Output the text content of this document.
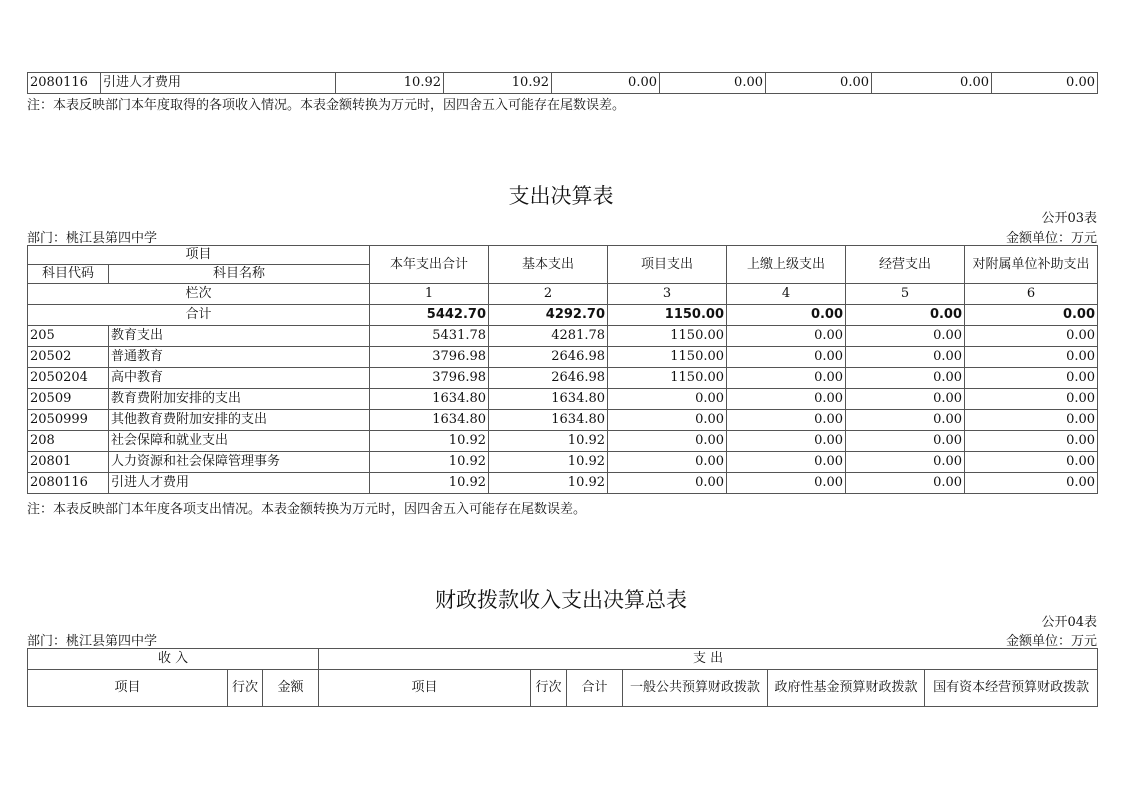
2080116	引进人才费用	10.92	10.92	0.00	0.00	0.00	0.00	0.00
注：本表反映部门本年度取得的各项收入情况。本表金额转换为万元时，因四舍五入可能存在尾数误差。
支出决算表
公开03表
部门：桃江县第四中学	金额单位：万元
项目		本年支出合计	基本支出	项目支出	上缴上级支出	经营支出	对附属单位补助支出
科目代码	科目名称						
栏次		1	2	3	4	5	6
合计		5442.70	4292.70	1150.00	0.00	0.00	0.00
205	教育支出	5431.78	4281.78	1150.00	0.00	0.00	0.00
20502	普通教育	3796.98	2646.98	1150.00	0.00	0.00	0.00
2050204	高中教育	3796.98	2646.98	1150.00	0.00	0.00	0.00
20509	教育费附加安排的支出	1634.80	1634.80	0.00	0.00	0.00	0.00
2050999	其他教育费附加安排的支出	1634.80	1634.80	0.00	0.00	0.00	0.00
208	社会保障和就业支出	10.92	10.92	0.00	0.00	0.00	0.00
20801	人力资源和社会保障管理事务	10.92	10.92	0.00	0.00	0.00	0.00
2080116	引进人才费用	10.92	10.92	0.00	0.00	0.00	0.00
注：本表反映部门本年度各项支出情况。本表金额转换为万元时，因四舍五入可能存在尾数误差。
财政拨款收入支出决算总表
公开04表
部门：桃江县第四中学	金额单位：万元
收 入			支 出					
项目	行次	金额	项目	行次	合计	一般公共预算财政拨款	政府性基金预算财政拨款	国有资本经营预算财政拨款
